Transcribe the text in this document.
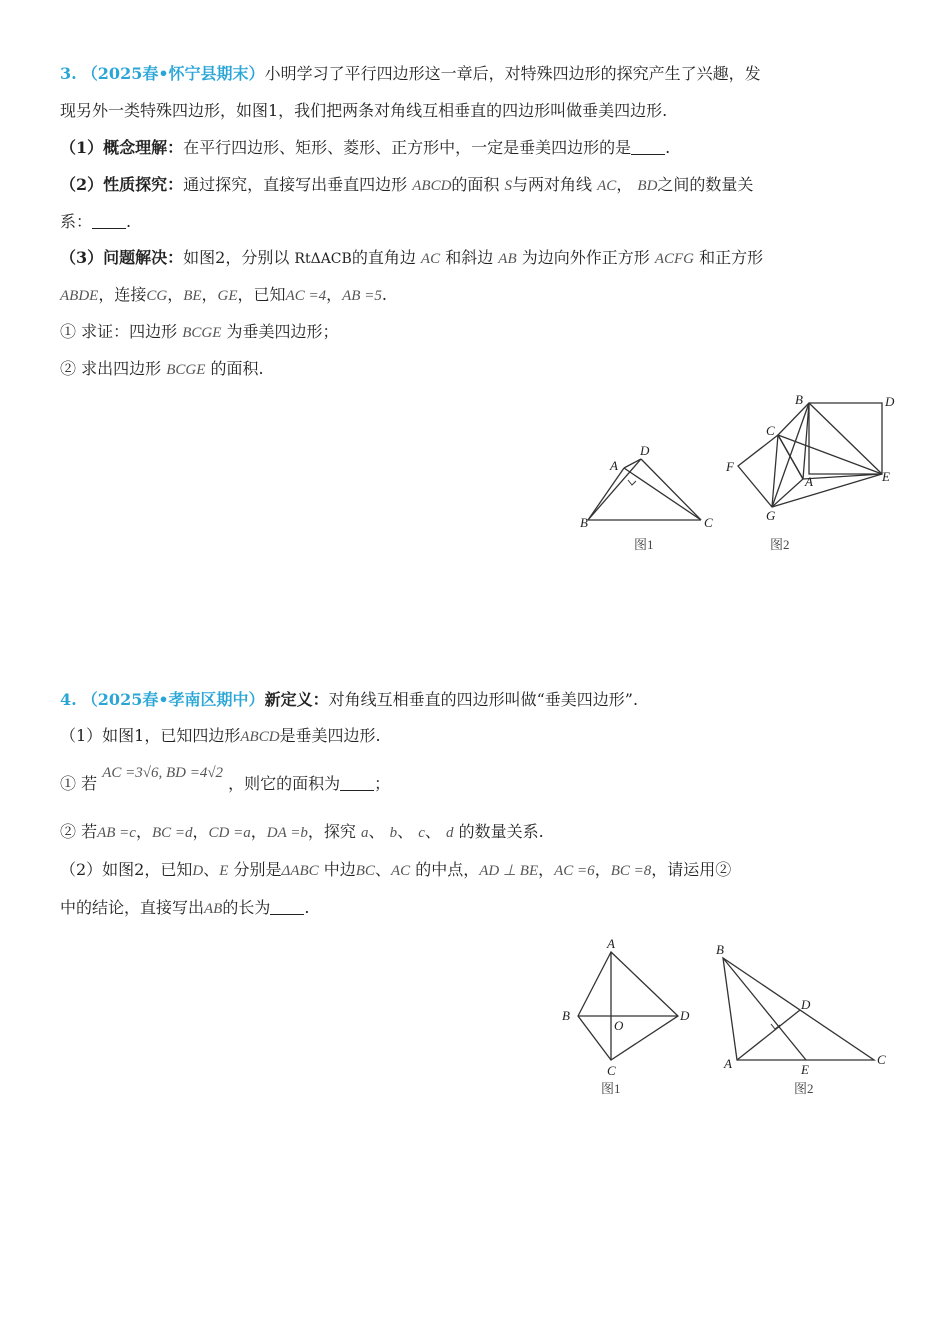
3. （2025春•怀宁县期末）小明学习了平行四边形这一章后，对特殊四边形的探究产生了兴趣，发
现另外一类特殊四边形，如图1，我们把两条对角线互相垂直的四边形叫做垂美四边形.
（1）概念理解：在平行四边形、矩形、菱形、正方形中，一定是垂美四边形的是 .
（2）性质探究：通过探究，直接写出垂直四边形 ABCD的面积 S与两对角线 AC， BD之间的数量关
系： .
（3）问题解决：如图2，分别以 RtΔACB的直角边 AC 和斜边 AB 为边向外作正方形 ACFG 和正方形
ABDE，连接CG，BE，GE，已知AC =4，AB =5.
① 求证：四边形 BCGE 为垂美四边形；
② 求出四边形 BCGE 的面积.
A
B	C
D
图1
B	D
C
F
A	E
G
图2
4. （2025春•孝南区期中）新定义：对角线互相垂直的四边形叫做“垂美四边形”.
（1）如图1，已知四边形ABCD是垂美四边形.
① 若 AC =3√6, BD =4√2 ，则它的面积为 ；
② 若AB =c，BC =d，CD =a，DA =b，探究 a、 b、 c、 d 的数量关系.
（2）如图2，已知D、E 分别是ΔABC 中边BC、AC 的中点，AD ⊥ BE，AC =6，BC =8，请运用②
中的结论，直接写出AB的长为 .
A
B	D
O
C
图1
B
D
A	E
C
图2
